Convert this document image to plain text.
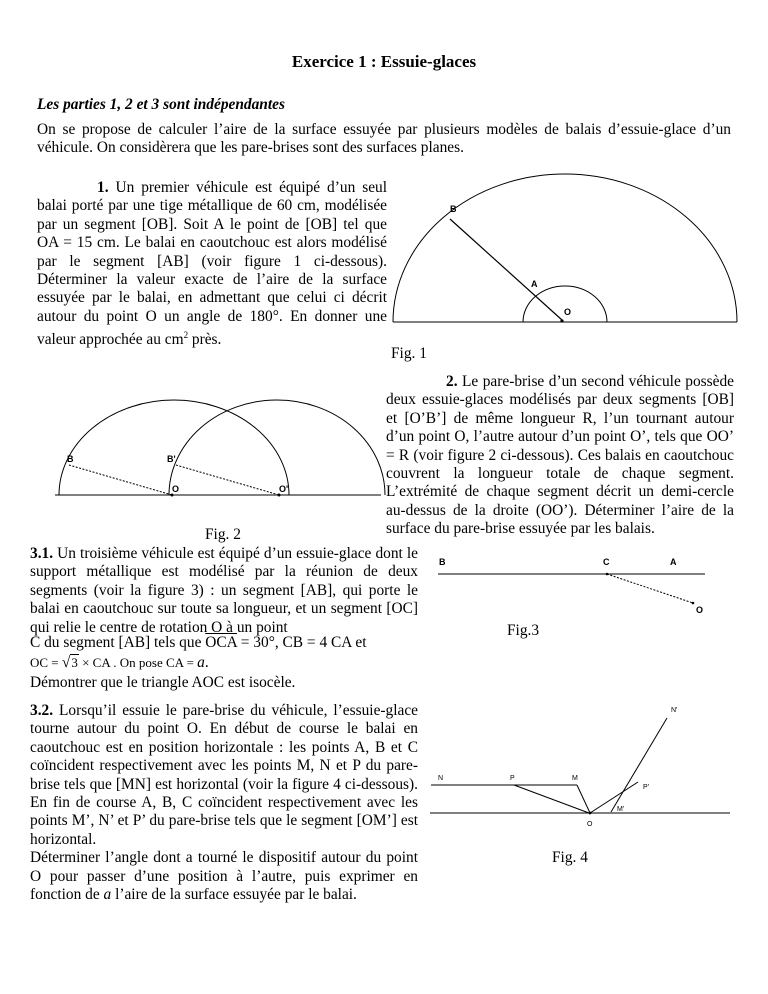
Exercice 1 : Essuie-glaces
Les parties 1, 2 et 3 sont indépendantes
On se propose de calculer l’aire de la surface essuyée par plusieurs modèles de balais d’essuie-glace d’un véhicule. On considèrera que les pare-brises sont des surfaces planes.
1. Un premier véhicule est équipé d’un seul balai porté par une tige métallique de 60 cm, modélisée par un segment [OB]. Soit A le point de [OB] tel que OA = 15 cm. Le balai en caoutchouc est alors modélisé par le segment [AB] (voir figure 1 ci-dessous). Déterminer la valeur exacte de l’aire de la surface essuyée par le balai, en admettant que celui ci décrit autour du point O un angle de 180°. En donner une valeur approchée au $cm^2$ près.
B
A
O
Fig. 1
2. Le pare-brise d’un second véhicule possède deux essuie-glaces modélisés par deux segments [OB] et [O’B’] de même longueur R, l’un tournant autour d’un point O, l’autre autour d’un point O’, tels que OO’ = R (voir figure 2 ci-dessous). Ces balais en caoutchouc couvrent la longueur totale de chaque segment. L’extrémité de chaque segment décrit un demi-cercle au-dessus de la droite (OO’). Déterminer l’aire de la surface du pare-brise essuyée par les balais.
B	B'
O	O'
Fig. 2
3.1. Un troisième véhicule est équipé d’un essuie-glace dont le support métallique est modélisé par la réunion de deux segments (voir la figure 3) : un segment [AB], qui porte le balai en caoutchouc sur toute sa longueur, et un segment [OC] qui relie le centre de rotation O à un point
C du segment [AB] tels que $\overline{OCA} = 30^\circ$, CB = 4 CA et
OC = √3 × CA . On pose CA = a.
Démontrer que le triangle AOC est isocèle.
B	C	A
O
Fig.3
3.2. Lorsqu’il essuie le pare-brise du véhicule, l’essuie-glace tourne autour du point O. En début de course le balai en caoutchouc est en position horizontale : les points A, B et C coïncident respectivement avec les points M, N et P du pare-brise tels que [MN] est horizontal (voir la figure 4 ci-dessous). En fin de course A, B, C coïncident respectivement avec les points M’, N’ et P’ du pare-brise tels que le segment [OM’] est horizontal.
Déterminer l’angle dont a tourné le dispositif autour du point O pour passer d’une position à l’autre, puis exprimer en fonction de a l’aire de la surface essuyée par le balai.
N	P	M
O
N'
P'
M'
Fig. 4
